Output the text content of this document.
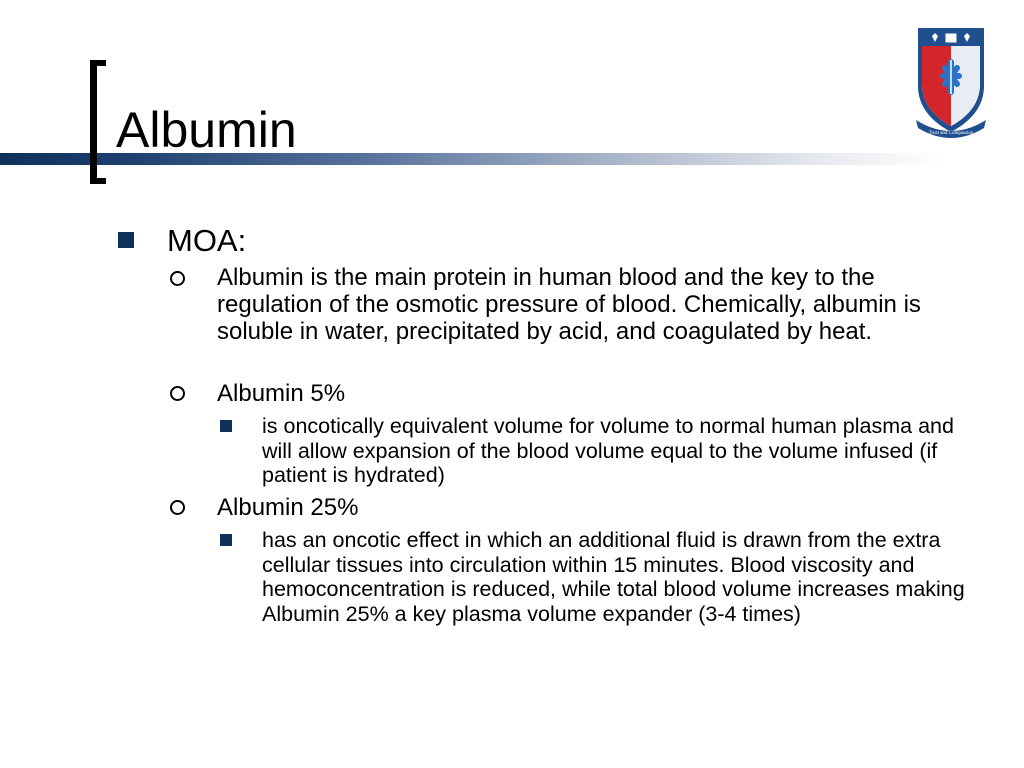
Albumin	Trust and Compassion
MOA:
Albumin is the main protein in human blood and the key to the regulation of the osmotic pressure of blood. Chemically, albumin is soluble in water, precipitated by acid, and coagulated by heat.
Albumin 5%
is oncotically equivalent volume for volume to normal human plasma and will allow expansion of the blood volume equal to the volume infused (if patient is hydrated)
Albumin 25%
has an oncotic effect in which an additional fluid is drawn from the extra cellular tissues into circulation within 15 minutes. Blood viscosity and hemoconcentration is reduced, while total blood volume increases making Albumin 25% a key plasma volume expander (3-4 times)
